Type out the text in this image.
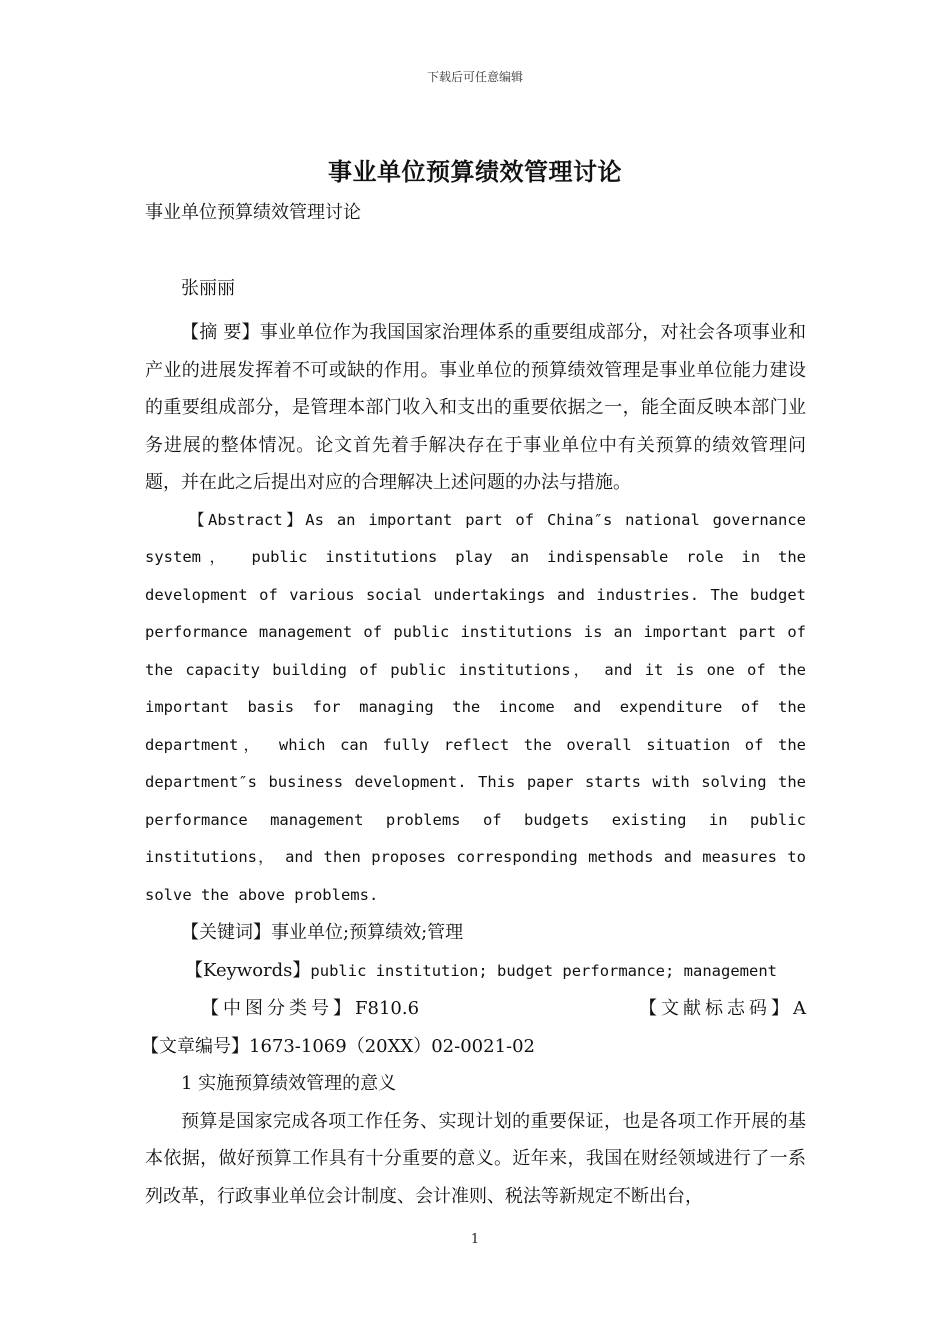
下载后可任意编辑
事业单位预算绩效管理讨论

事业单位预算绩效管理讨论

张丽丽

【摘 要】事业单位作为我国国家治理体系的重要组成部分，对社会各项事业和产业的进展发挥着不可或缺的作用。事业单位的预算绩效管理是事业单位能力建设的重要组成部分，是管理本部门收入和支出的重要依据之一，能全面反映本部门业务进展的整体情况。论文首先着手解决存在于事业单位中有关预算的绩效管理问题，并在此之后提出对应的合理解决上述问题的办法与措施。

【Abstract】As an important part of China″s national governance system， public institutions play an indispensable role in the development of various social undertakings and industries. The budget performance management of public institutions is an important part of the capacity building of public institutions， and it is one of the important basis for managing the income and expenditure of the department， which can fully reflect the overall situation of the department″s business development. This paper starts with solving the performance management problems of budgets existing in public institutions， and then proposes corresponding methods and measures to solve the above problems.

【关键词】事业单位;预算绩效;管理

【Keywords】public institution; budget performance; management

【中图分类号】F810.6	【文献标志码】A

【文章编号】1673-1069（20XX）02-0021-02

1 实施预算绩效管理的意义

预算是国家完成各项工作任务、实现计划的重要保证，也是各项工作开展的基本依据，做好预算工作具有十分重要的意义。近年来，我国在财经领域进行了一系列改革，行政事业单位会计制度、会计准则、税法等新规定不断出台，

1
